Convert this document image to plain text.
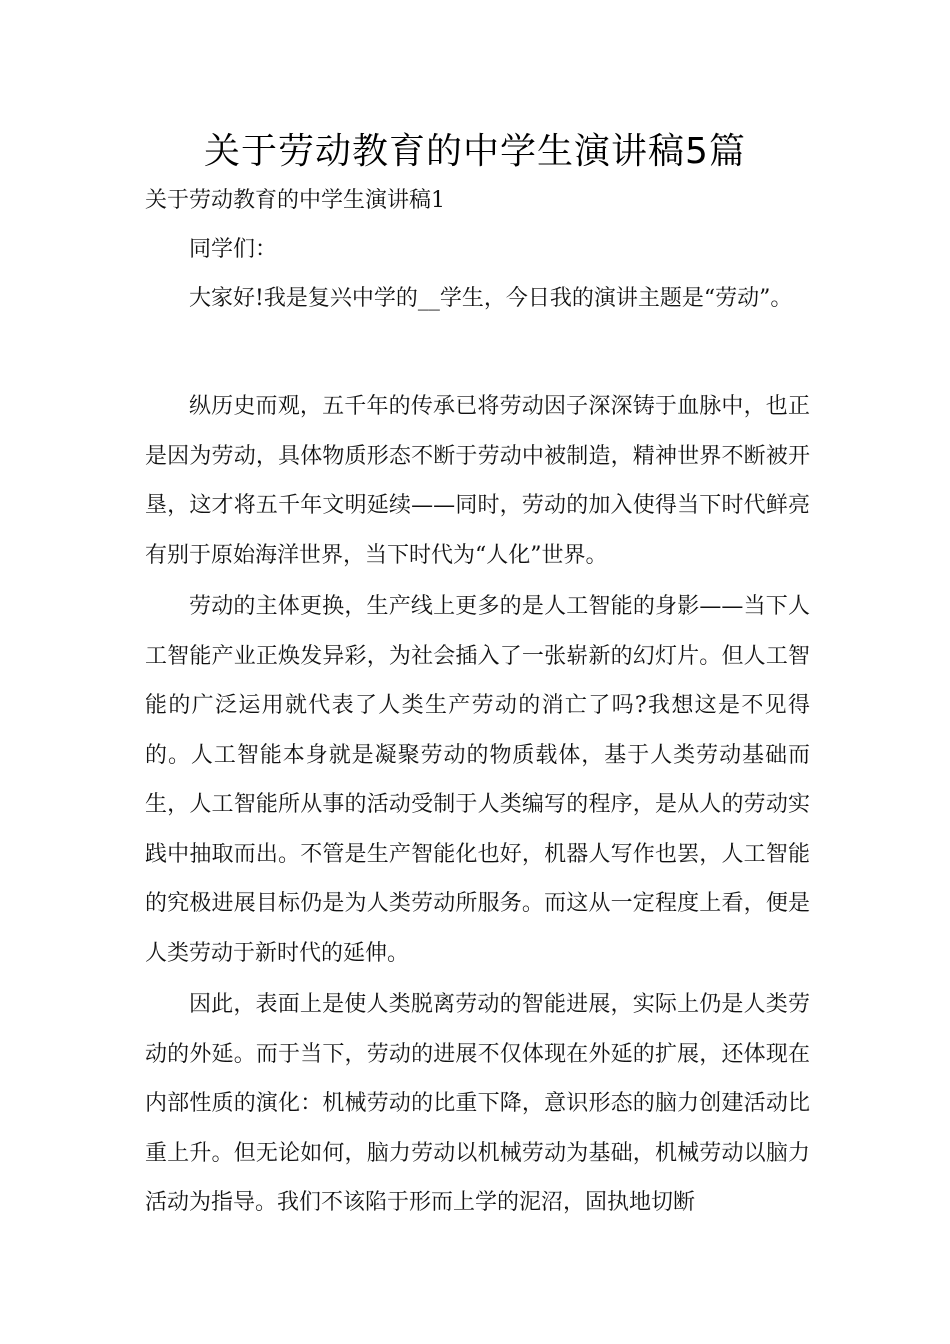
关于劳动教育的中学生演讲稿5篇

关于劳动教育的中学生演讲稿1

同学们：

大家好!我是复兴中学的__学生，今日我的演讲主题是“劳动”。

纵历史而观，五千年的传承已将劳动因子深深铸于血脉中，也正是因为劳动，具体物质形态不断于劳动中被制造，精神世界不断被开垦，这才将五千年文明延续——同时，劳动的加入使得当下时代鲜亮有别于原始海洋世界，当下时代为“人化”世界。

劳动的主体更换，生产线上更多的是人工智能的身影——当下人工智能产业正焕发异彩，为社会插入了一张崭新的幻灯片。但人工智能的广泛运用就代表了人类生产劳动的消亡了吗?我想这是不见得的。人工智能本身就是凝聚劳动的物质载体，基于人类劳动基础而生，人工智能所从事的活动受制于人类编写的程序，是从人的劳动实践中抽取而出。不管是生产智能化也好，机器人写作也罢，人工智能的究极进展目标仍是为人类劳动所服务。而这从一定程度上看，便是人类劳动于新时代的延伸。

因此，表面上是使人类脱离劳动的智能进展，实际上仍是人类劳动的外延。而于当下，劳动的进展不仅体现在外延的扩展，还体现在内部性质的演化：机械劳动的比重下降，意识形态的脑力创建活动比重上升。但无论如何，脑力劳动以机械劳动为基础，机械劳动以脑力活动为指导。我们不该陷于形而上学的泥沼，固执地切断
